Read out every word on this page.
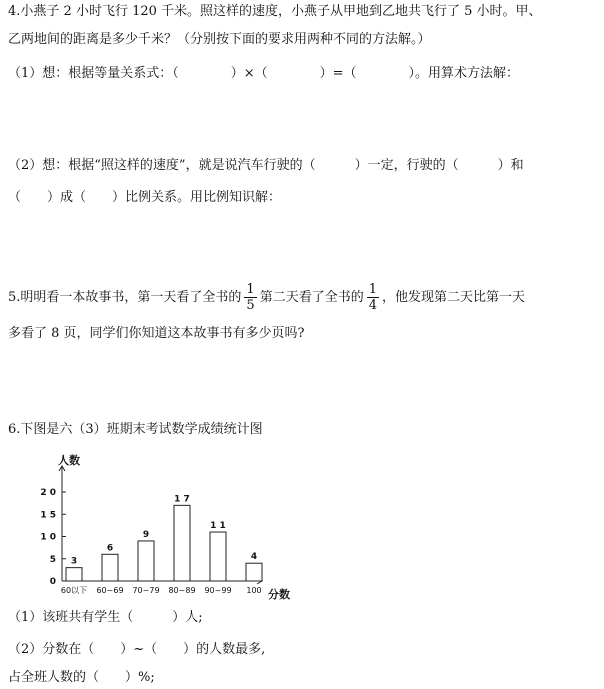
4.小燕子 2 小时飞行 120 千米。照这样的速度，小燕子从甲地到乙地共飞行了 5 小时。甲、
乙两地间的距离是多少千米？（分别按下面的要求用两种不同的方法解。）
（1）想：根据等量关系式：（　　　　）×（　　　　）=（　　　　）。用算术方法解：
（2）想：根据“照这样的速度”，就是说汽车行驶的（　　　）一定，行驶的（　　　）和
（　　）成（　　）比例关系。用比例知识解：
5.明明看一本故事书，第一天看了全书的 $\frac{1}{5}$ 第二天看了全书的 $\frac{1}{4}$ ，他发现第二天比第一天
多看了 8 页，同学们你知道这本故事书有多少页吗?
6.下图是六（3）班期末考试数学成绩统计图
人数
分数
0
5
1 0
1 5
2 0
3
60以下
6
60~69
9
70~79
1 7
80~89
1 1
90~99
4
100
（1）该班共有学生（　　　）人;
（2）分数在（　　）~（　　）的人数最多,
占全班人数的（　　）%;
